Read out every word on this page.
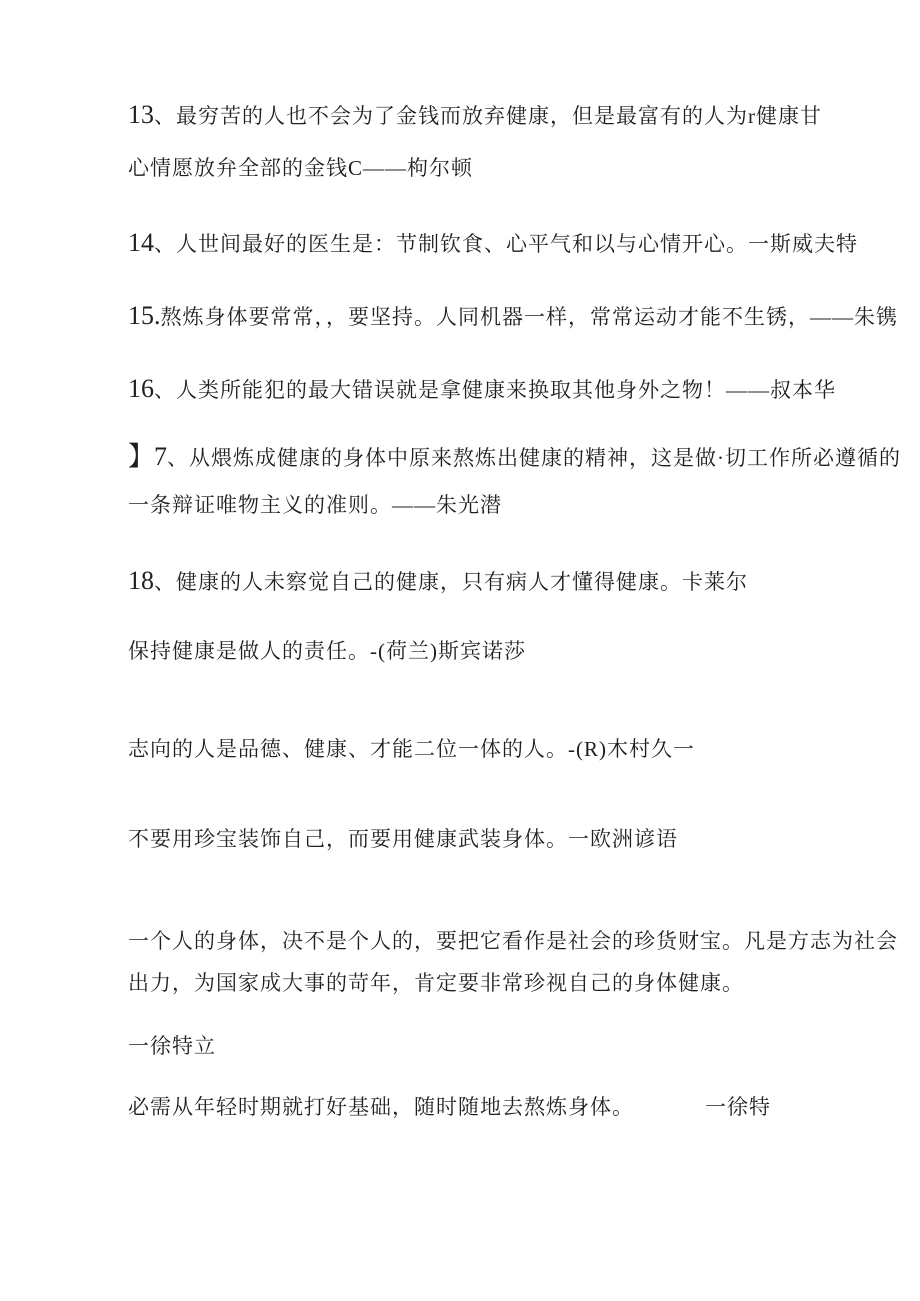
13、最穷苦的人也不会为了金钱而放弃健康，但是最富有的人为r健康甘

心情愿放弁全部的金钱C——枸尔顿

14、人世间最好的医生是：节制钦食、心平气和以与心情开心。一斯威夫特

15.熬炼身体要常常，，要坚持。人同机器一样，常常运动才能不生锈，——朱镌

16、人类所能犯的最大错误就是拿健康来换取其他身外之物！——叔本华

】7、从煨炼成健康的身体中原来熬炼出健康的精神，这是做·切工作所必遵循的

一条辩证唯物主义的准则。——朱光潜

18、健康的人未察觉自己的健康，只有病人才懂得健康。卡莱尔

保持健康是做人的责任。-(荷兰)斯宾诺莎

志向的人是品德、健康、才能二位一体的人。-(R)木村久一

不要用珍宝装饰自己，而要用健康武装身体。一欧洲谚语

一个人的身体，决不是个人的，要把它看作是社会的珍货财宝。凡是方志为社会

出力，为国家成大事的苛年，肯定要非常珍视自己的身体健康。

一徐特立

必需从年轻时期就打好基础，随时随地去熬炼身体。	一徐特
